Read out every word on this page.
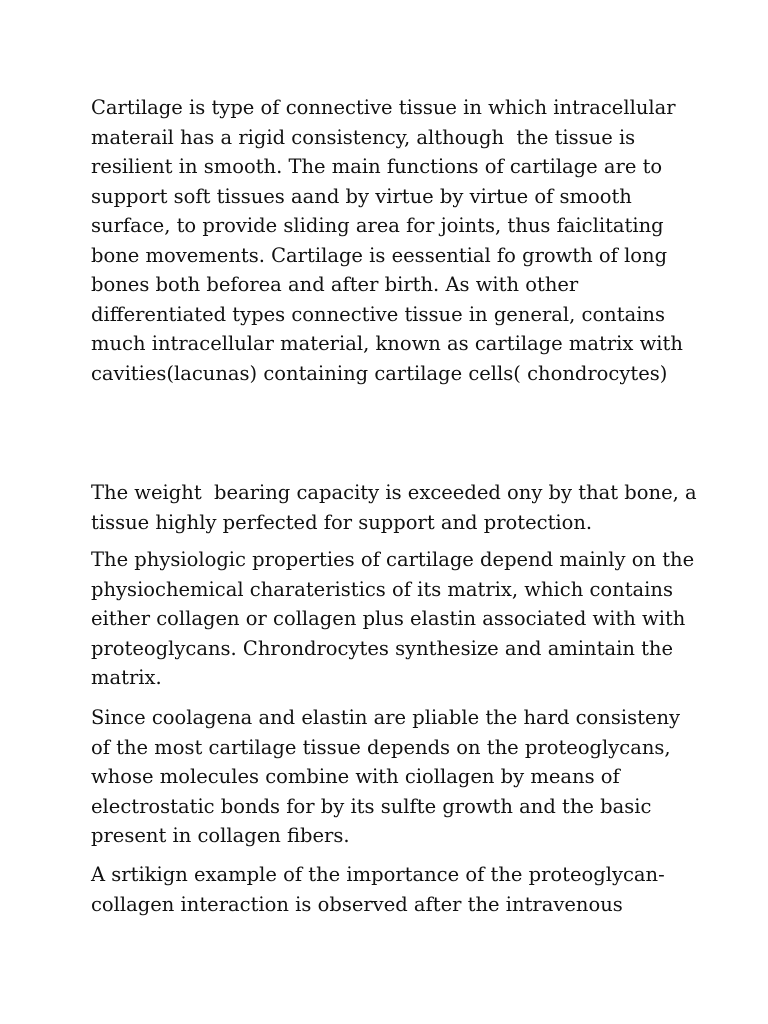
Cartilage is type of connective tissue in which intracellular
materail has a rigid consistency, although  the tissue is
resilient in smooth. The main functions of cartilage are to
support soft tissues aand by virtue by virtue of smooth
surface, to provide sliding area for joints, thus faiclitating
bone movements. Cartilage is eessential fo growth of long
bones both beforea and after birth. As with other
differentiated types connective tissue in general, contains
much intracellular material, known as cartilage matrix with
cavities(lacunas) containing cartilage cells( chondrocytes)

The weight  bearing capacity is exceeded ony by that bone, a
tissue highly perfected for support and protection.

The physiologic properties of cartilage depend mainly on the
physiochemical charateristics of its matrix, which contains
either collagen or collagen plus elastin associated with with
proteoglycans. Chrondrocytes synthesize and amintain the
matrix.

Since coolagena and elastin are pliable the hard consisteny
of the most cartilage tissue depends on the proteoglycans,
whose molecules combine with ciollagen by means of
electrostatic bonds for by its sulfte growth and the basic
present in collagen fibers.

A srtikign example of the importance of the proteoglycan-
collagen interaction is observed after the intravenous
